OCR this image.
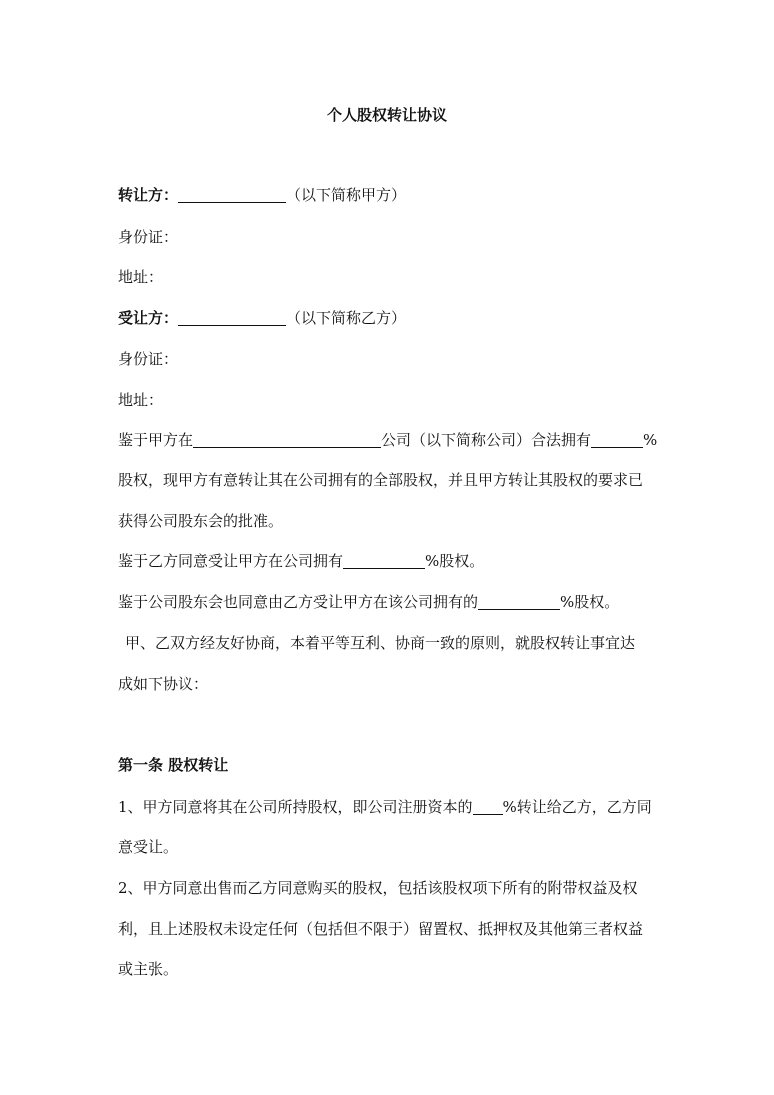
个人股权转让协议
转让方：	（以下简称甲方）
身份证：
地址：
受让方：	（以下简称乙方）
身份证：
地址：
鉴于甲方在	公司（以下简称公司）合法拥有	%
股权，现甲方有意转让其在公司拥有的全部股权，并且甲方转让其股权的要求已
获得公司股东会的批准。
鉴于乙方同意受让甲方在公司拥有	%股权。
鉴于公司股东会也同意由乙方受让甲方在该公司拥有的	%股权。
甲、乙双方经友好协商，本着平等互利、协商一致的原则，就股权转让事宜达
成如下协议：
第一条 股权转让
1、甲方同意将其在公司所持股权，即公司注册资本的 %转让给乙方，乙方同
意受让。
2、甲方同意出售而乙方同意购买的股权，包括该股权项下所有的附带权益及权
利，且上述股权未设定任何（包括但不限于）留置权、抵押权及其他第三者权益
或主张。
